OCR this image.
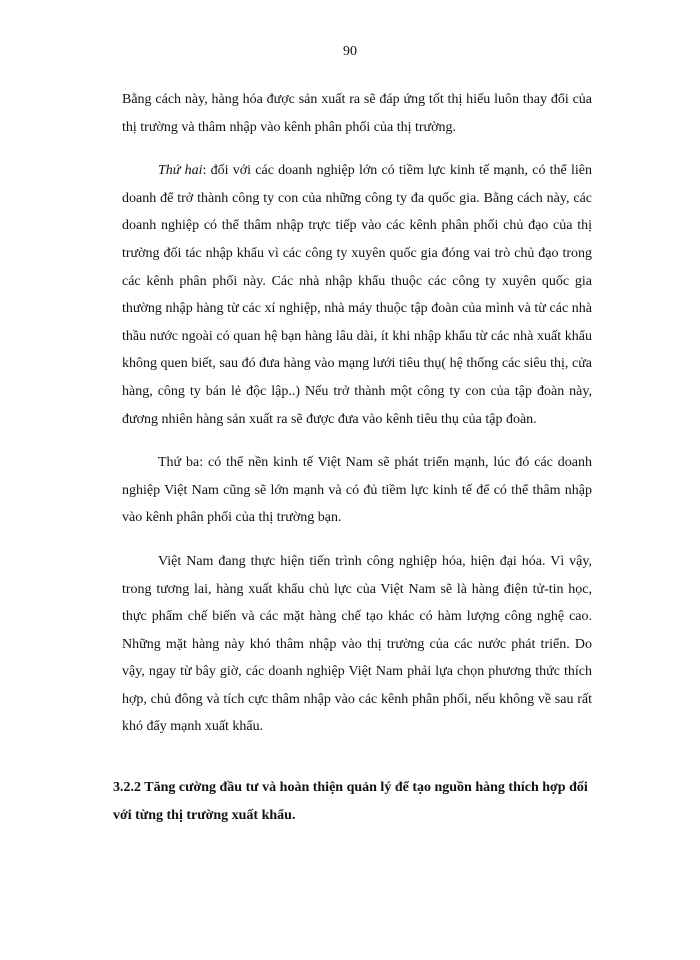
90

Bằng cách này, hàng hóa được sản xuất ra sẽ đáp ứng tốt thị hiếu luôn thay đổi của thị trường và thâm nhập vào kênh phân phối của thị trường.

Thứ hai: đối với các doanh nghiệp lớn có tiềm lực kinh tế mạnh, có thể liên doanh để trở thành công ty con của những công ty đa quốc gia. Bằng cách này, các doanh nghiệp có thể thâm nhập trực tiếp vào các kênh phân phối chủ đạo của thị trường đối tác nhập khẩu vì các công ty xuyên quốc gia đóng vai trò chủ đạo trong các kênh phân phối này. Các nhà nhập khẩu thuộc các công ty xuyên quốc gia thường nhập hàng từ các xí nghiệp, nhà máy thuộc tập đoàn của mình và từ các nhà thầu nước ngoài có quan hệ bạn hàng lâu dài, ít khi nhập khẩu từ các nhà xuất khẩu không quen biết, sau đó đưa hàng vào mạng lưới tiêu thụ( hệ thống các siêu thị, cửa hàng, công ty bán lẻ độc lập..) Nếu trở thành một công ty con của tập đoàn này, đương nhiên hàng sản xuất ra sẽ được đưa vào kênh tiêu thụ của tập đoàn.

Thứ ba: có thể nền kinh tế Việt Nam sẽ phát triển mạnh, lúc đó các doanh nghiệp Việt Nam cũng sẽ lớn mạnh và có đủ tiềm lực kinh tế để có thể thâm nhập vào kênh phân phối của thị trường bạn.

Việt Nam đang thực hiện tiến trình công nghiệp hóa, hiện đại hóa. Vì vậy, trong tương lai, hàng xuất khẩu chủ lực của Việt Nam sẽ là hàng điện tử-tin học, thực phẩm chế biến và các mặt hàng chế tạo khác có hàm lượng công nghệ cao. Những mặt hàng này khó thâm nhập vào thị trường của các nước phát triển. Do vậy, ngay từ bây giờ, các doanh nghiệp Việt Nam phải lựa chọn phương thức thích hợp, chủ đông và tích cực thâm nhập vào các kênh phân phối, nếu không về sau rất khó đẩy mạnh xuất khẩu.

3.2.2 Tăng cường đầu tư và hoàn thiện quản lý để tạo nguồn hàng thích hợp đối với từng thị trường xuất khẩu.
